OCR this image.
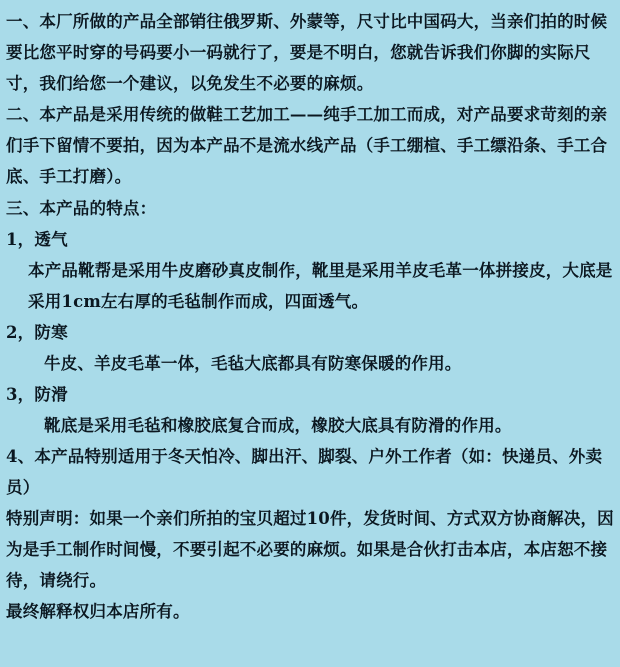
一、本厂所做的产品全部销往俄罗斯、外蒙等，尺寸比中国码大，当亲们拍的时候要比您平时穿的号码要小一码就行了，要是不明白，您就告诉我们你脚的实际尺寸，我们给您一个建议，以免发生不必要的麻烦。

二、本产品是采用传统的做鞋工艺加工——纯手工加工而成，对产品要求苛刻的亲们手下留情不要拍，因为本产品不是流水线产品（手工绷楦、手工缥沿条、手工合底、手工打磨）。

三、本产品的特点：

1，透气

本产品靴帮是采用牛皮磨砂真皮制作，靴里是采用羊皮毛革一体拼接皮，大底是采用1cm左右厚的毛毡制作而成，四面透气。

2，防寒

牛皮、羊皮毛革一体，毛毡大底都具有防寒保暖的作用。

3，防滑

靴底是采用毛毡和橡胶底复合而成，橡胶大底具有防滑的作用。

4、本产品特别适用于冬天怕冷、脚出汗、脚裂、户外工作者（如：快递员、外卖员）

特别声明：如果一个亲们所拍的宝贝超过10件，发货时间、方式双方协商解决，因为是手工制作时间慢，不要引起不必要的麻烦。如果是合伙打击本店，本店恕不接待，请绕行。

最终解释权归本店所有。
